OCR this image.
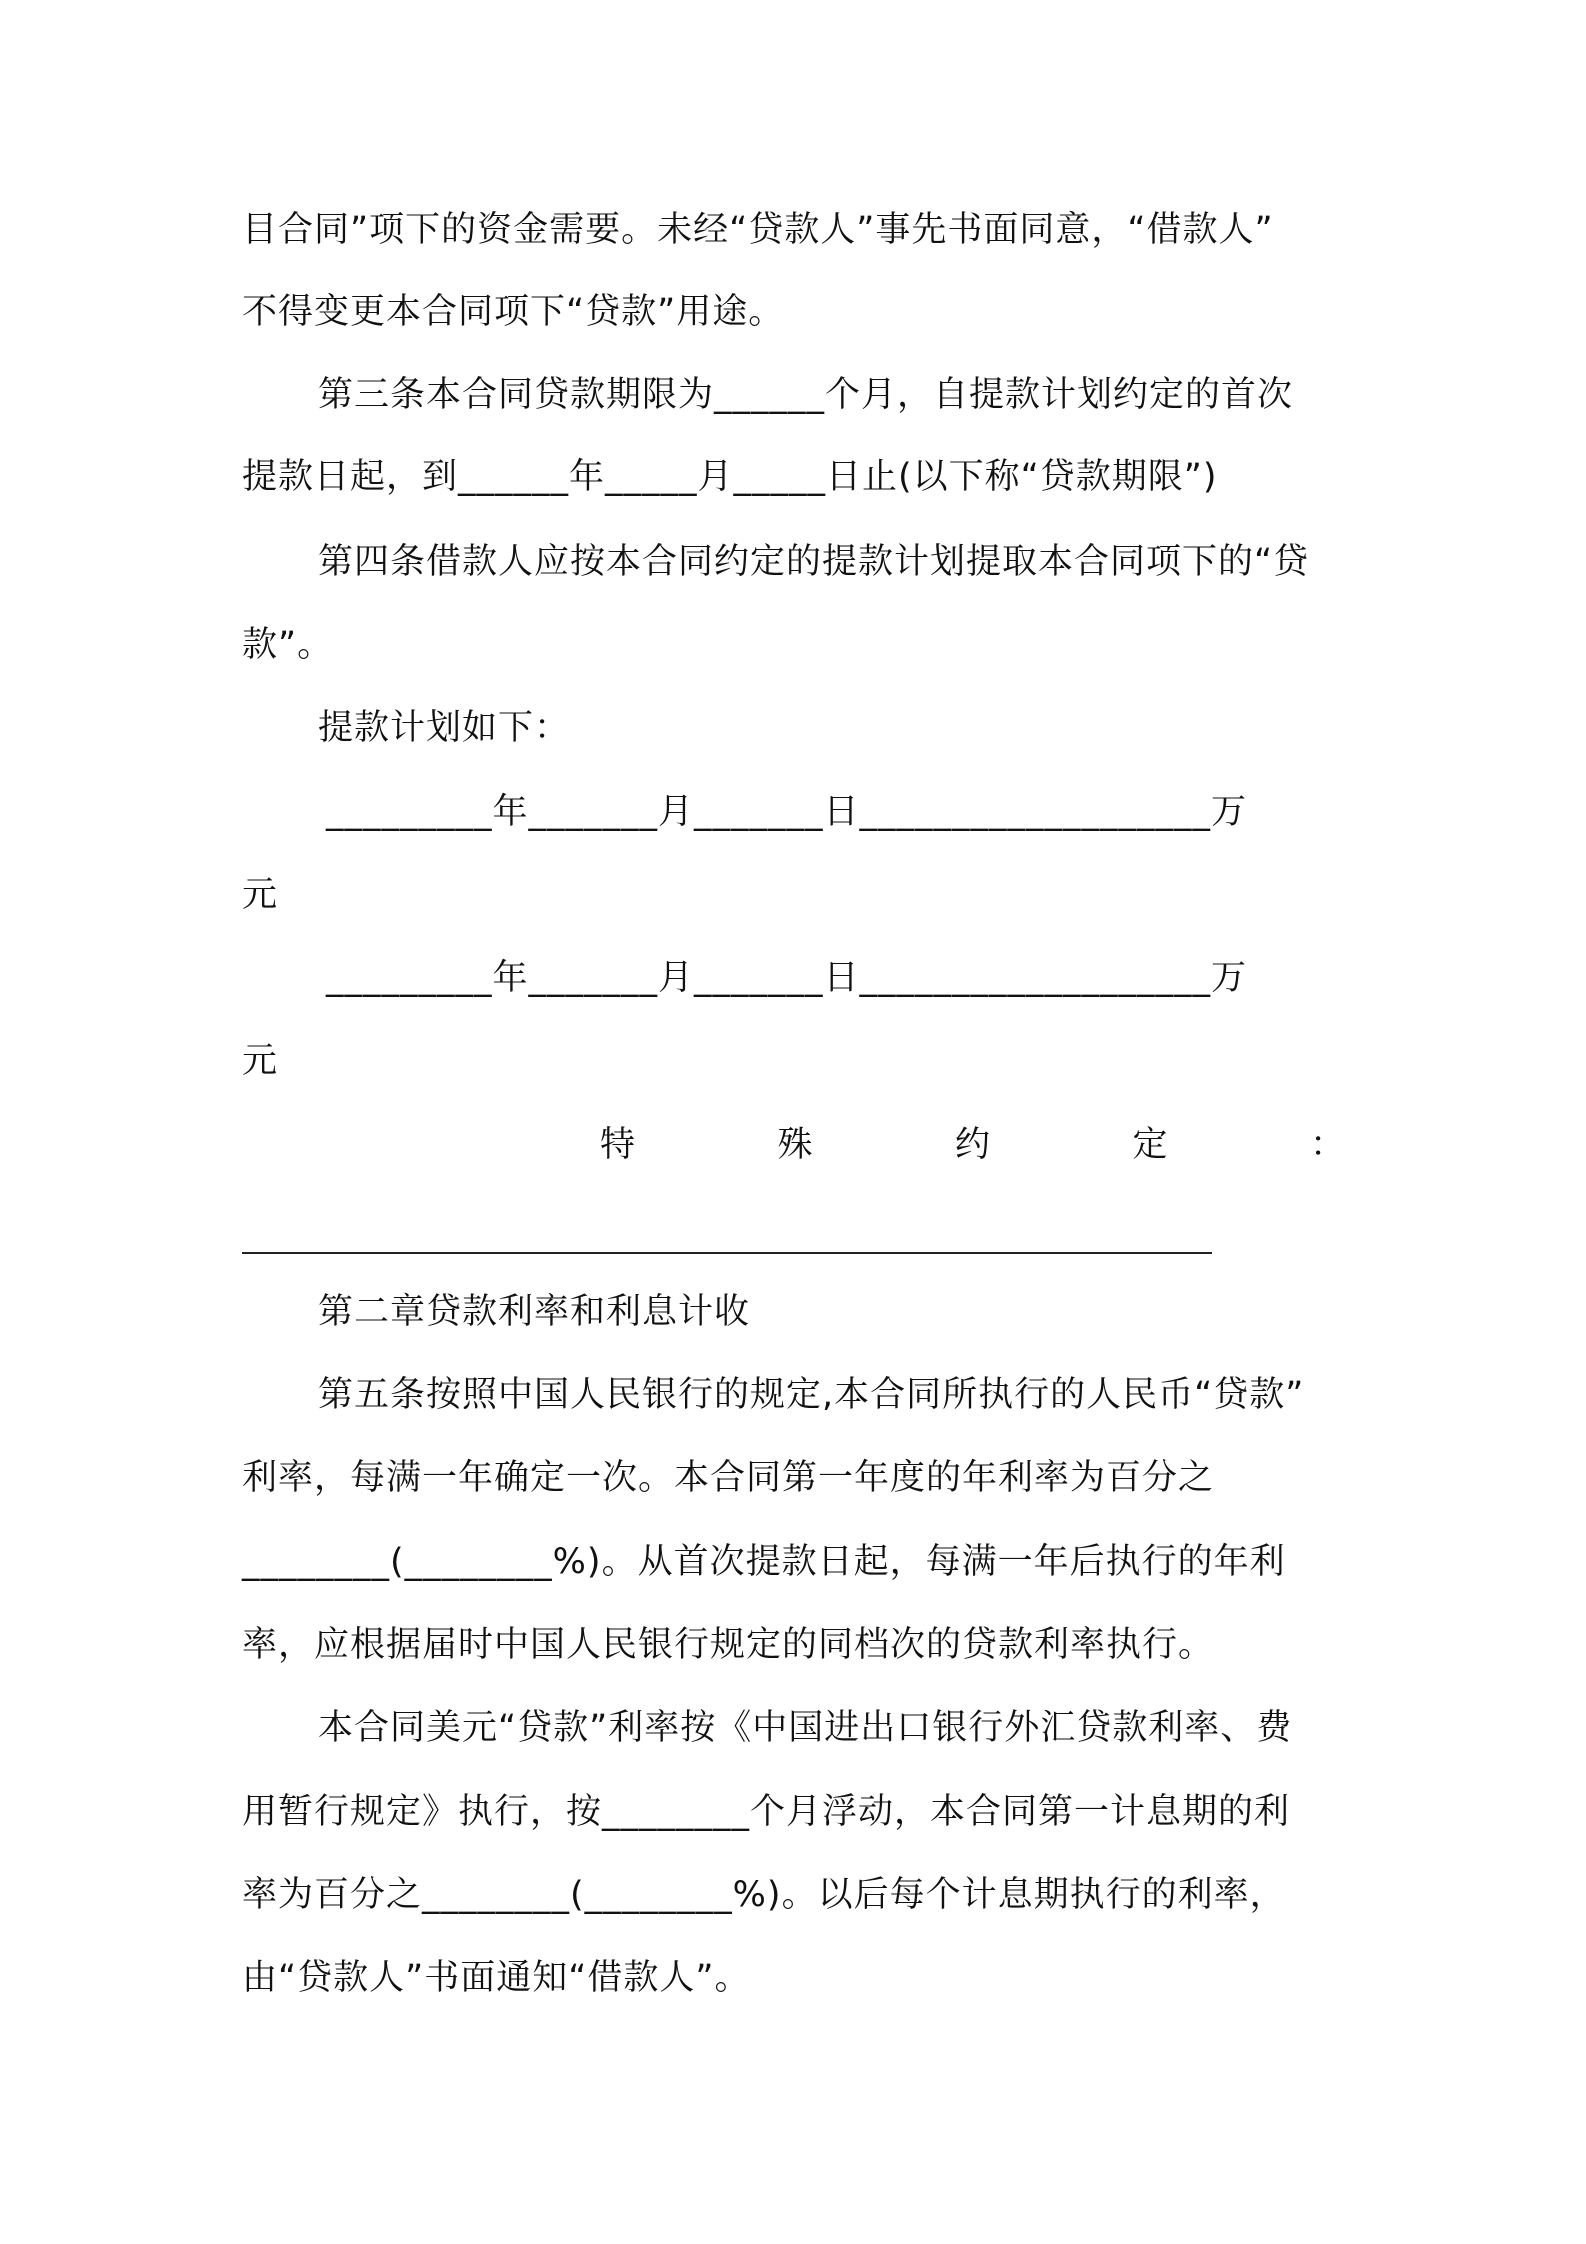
目合同”项下的资金需要。未经“贷款人”事先书面同意，“借款人”
不得变更本合同项下“贷款”用途。
第三条本合同贷款期限为______个月，自提款计划约定的首次
提款日起，到______年_____月_____日止(以下称“贷款期限”)
第四条借款人应按本合同约定的提款计划提取本合同项下的“贷
款”。
提款计划如下：
_________年_______月_______日___________________万
元
_________年_______月_______日___________________万
元
特	殊	约	定	：
第二章贷款利率和利息计收
第五条按照中国人民银行的规定,本合同所执行的人民币“贷款”
利率，每满一年确定一次。本合同第一年度的年利率为百分之
________(________%)。从首次提款日起，每满一年后执行的年利
率，应根据届时中国人民银行规定的同档次的贷款利率执行。
本合同美元“贷款”利率按《中国进出口银行外汇贷款利率、费
用暂行规定》执行，按________个月浮动，本合同第一计息期的利
率为百分之________(________%)。以后每个计息期执行的利率，
由“贷款人”书面通知“借款人”。
